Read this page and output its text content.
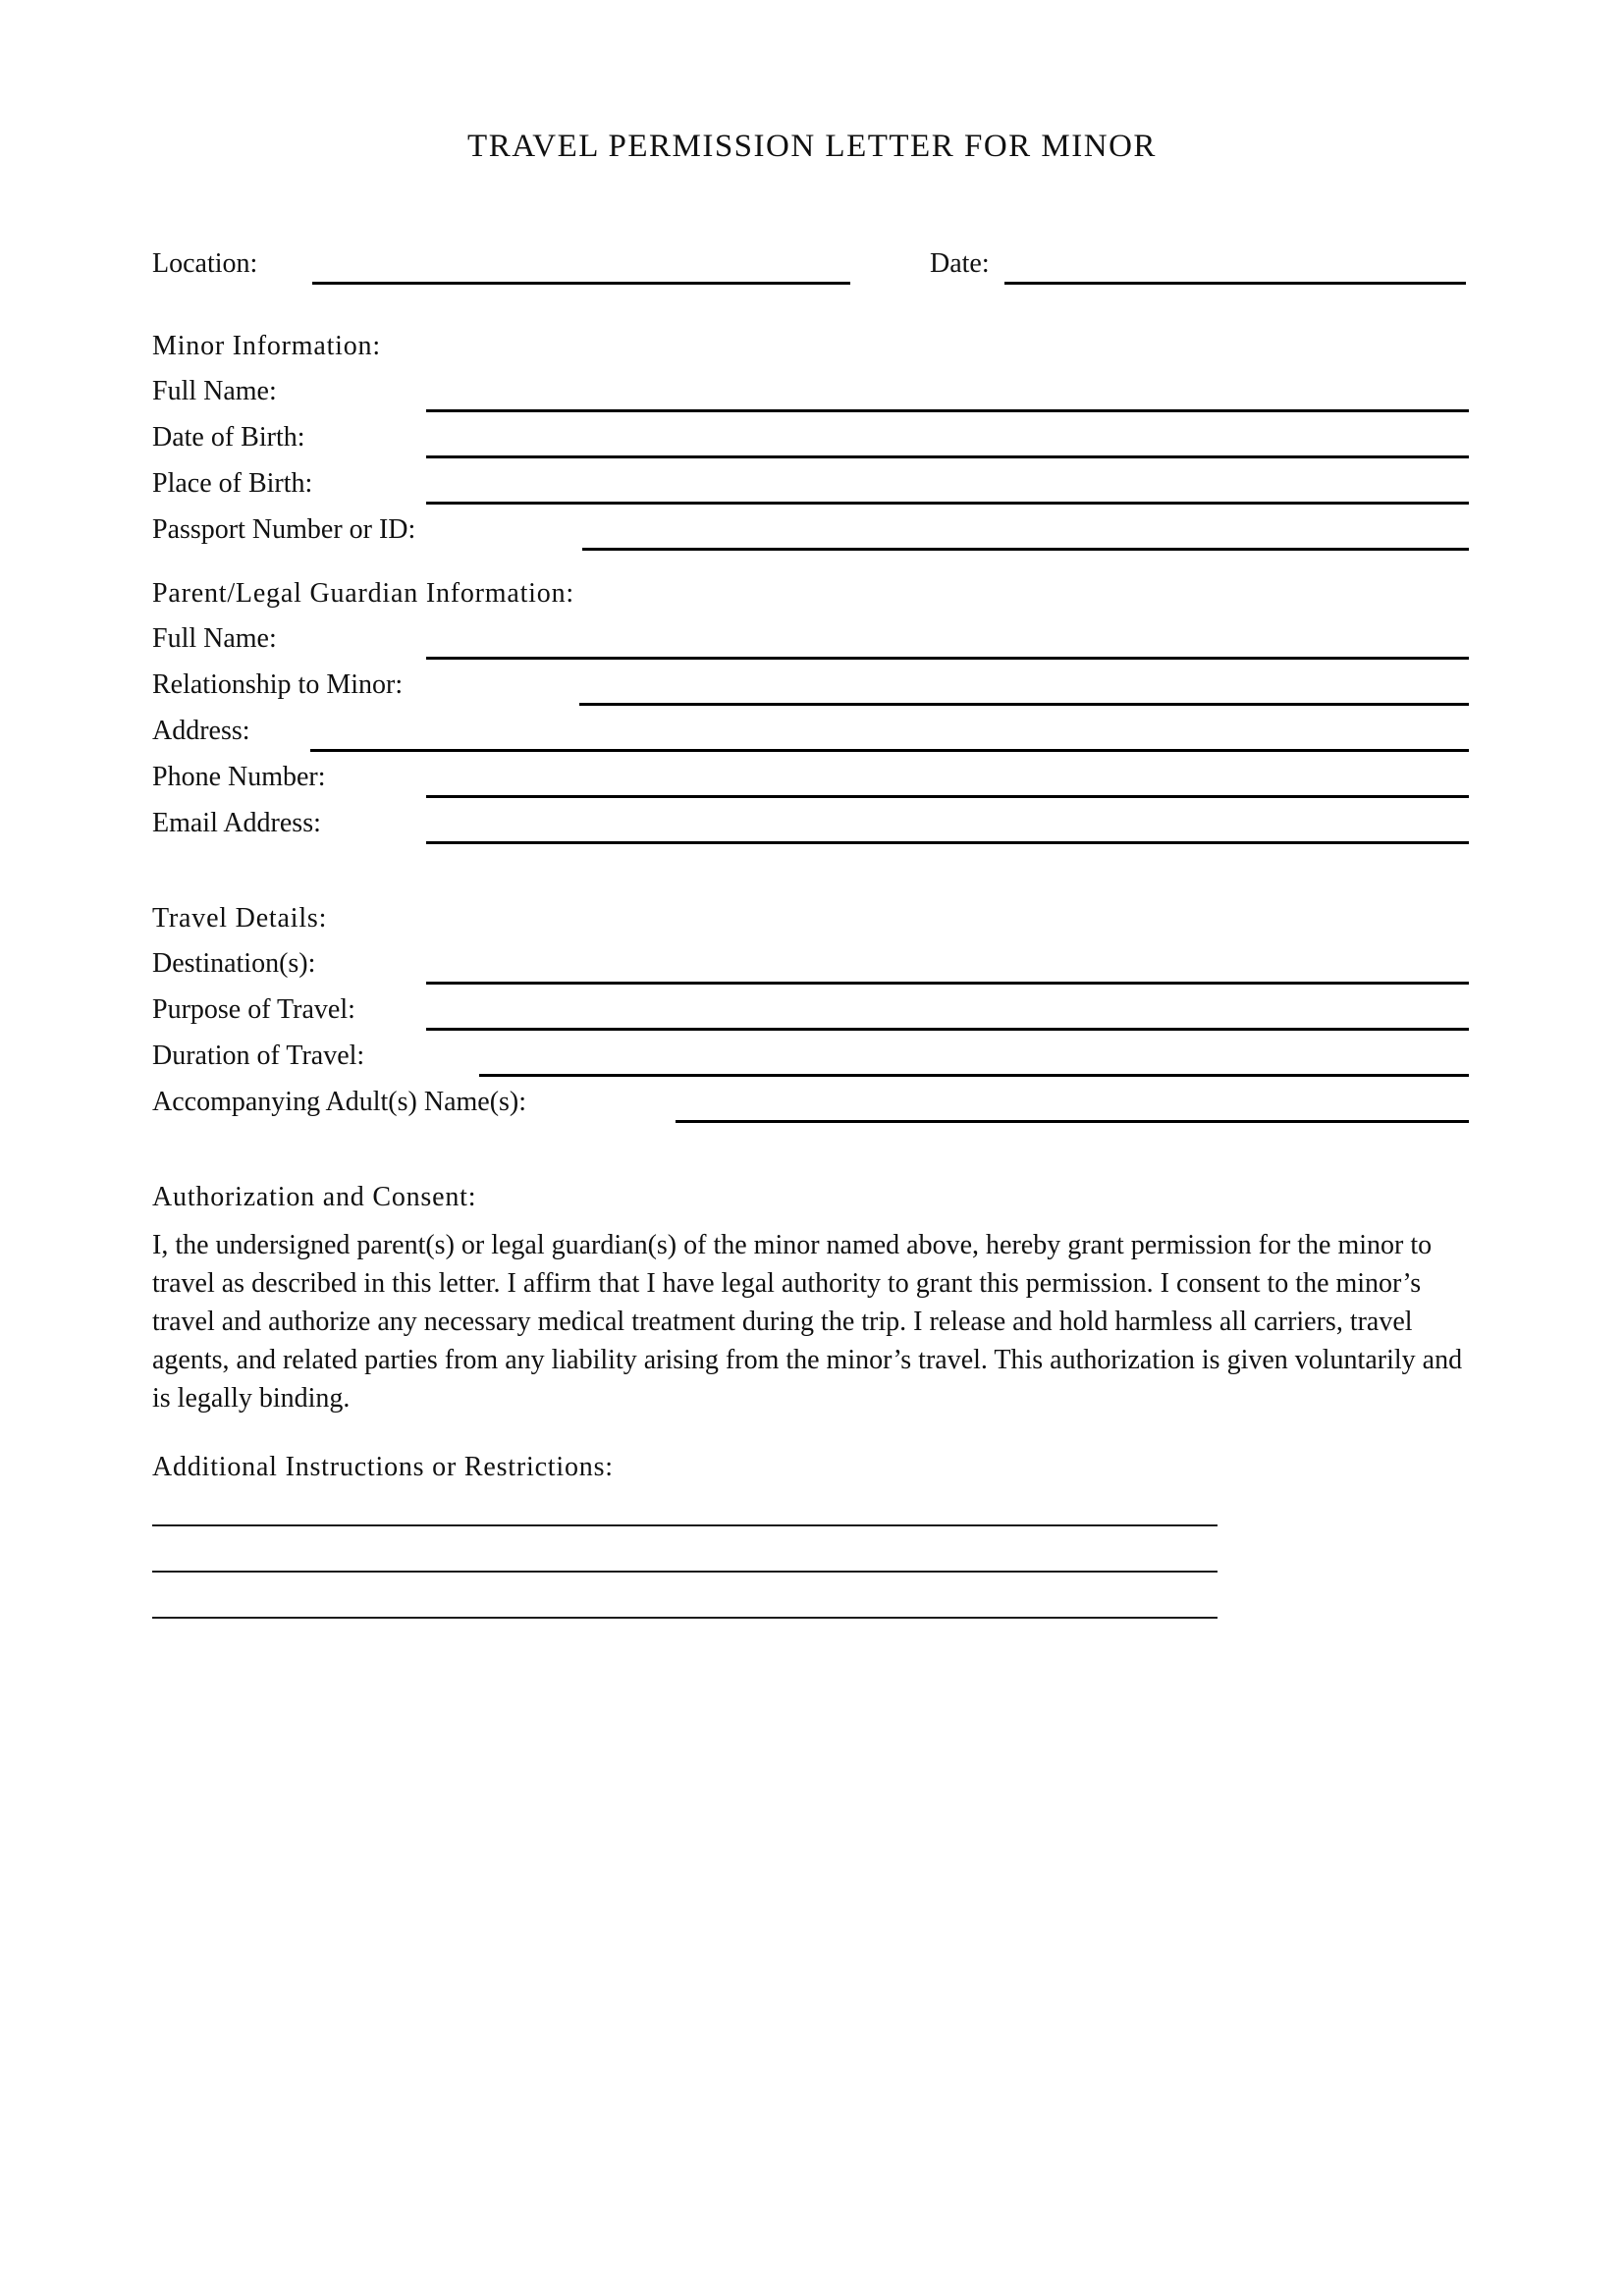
TRAVEL PERMISSION LETTER FOR MINOR
Location:	Date:
Minor Information:
Full Name:
Date of Birth:
Place of Birth:
Passport Number or ID:
Parent/Legal Guardian Information:
Full Name:
Relationship to Minor:
Address:
Phone Number:
Email Address:
Travel Details:
Destination(s):
Purpose of Travel:
Duration of Travel:
Accompanying Adult(s) Name(s):
Authorization and Consent:
I, the undersigned parent(s) or legal guardian(s) of the minor named above, hereby grant permission for the minor to travel as described in this letter. I affirm that I have legal authority to grant this permission. I consent to the minor’s travel and authorize any necessary medical treatment during the trip. I release and hold harmless all carriers, travel agents, and related parties from any liability arising from the minor’s travel. This authorization is given voluntarily and is legally binding.
Additional Instructions or Restrictions:
